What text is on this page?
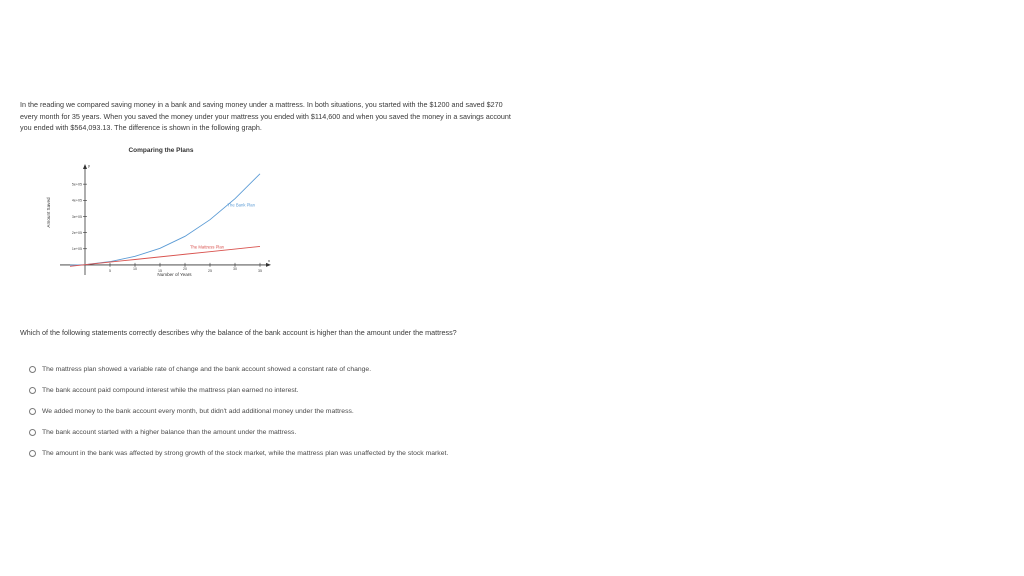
In the reading we compared saving money in a bank and saving money under a mattress. In both situations, you started with the $1200 and saved $270
every month for 35 years. When you saved the money under your mattress you ended with $114,600 and when you saved the money in a savings account
you ended with $564,093.13. The difference is shown in the following graph.
Comparing the Plans
y
x
1e+05
2e+05
3e+05
4e+05
5e+05
5	10	15	20	25	30	35
Number of Years
Amount Saved	The Bank Plan
The Mattress Plan
Which of the following statements correctly describes why the balance of the bank account is higher than the amount under the mattress?
The mattress plan showed a variable rate of change and the bank account showed a constant rate of change.
The bank account paid compound interest while the mattress plan earned no interest.
We added money to the bank account every month, but didn't add additional money under the mattress.
The bank account started with a higher balance than the amount under the mattress.
The amount in the bank was affected by strong growth of the stock market, while the mattress plan was unaffected by the stock market.
